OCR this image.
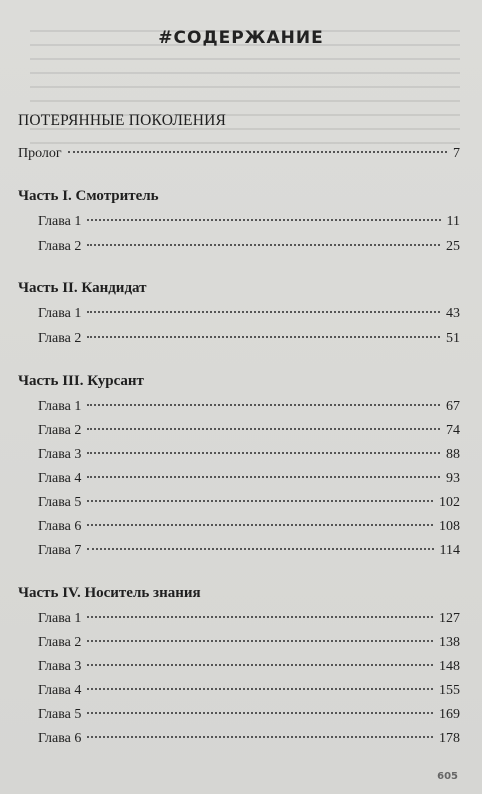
#СОДЕРЖАНИЕ
ПОТЕРЯННЫЕ ПОКОЛЕНИЯ
Пролог	7
Часть I. Смотритель
Глава 1	11
Глава 2	25
Часть II. Кандидат
Глава 1	43
Глава 2	51
Часть III. Курсант
Глава 1	67
Глава 2	74
Глава 3	88
Глава 4	93
Глава 5	102
Глава 6	108
Глава 7	114
Часть IV. Носитель знания
Глава 1	127
Глава 2	138
Глава 3	148
Глава 4	155
Глава 5	169
Глава 6	178
605
